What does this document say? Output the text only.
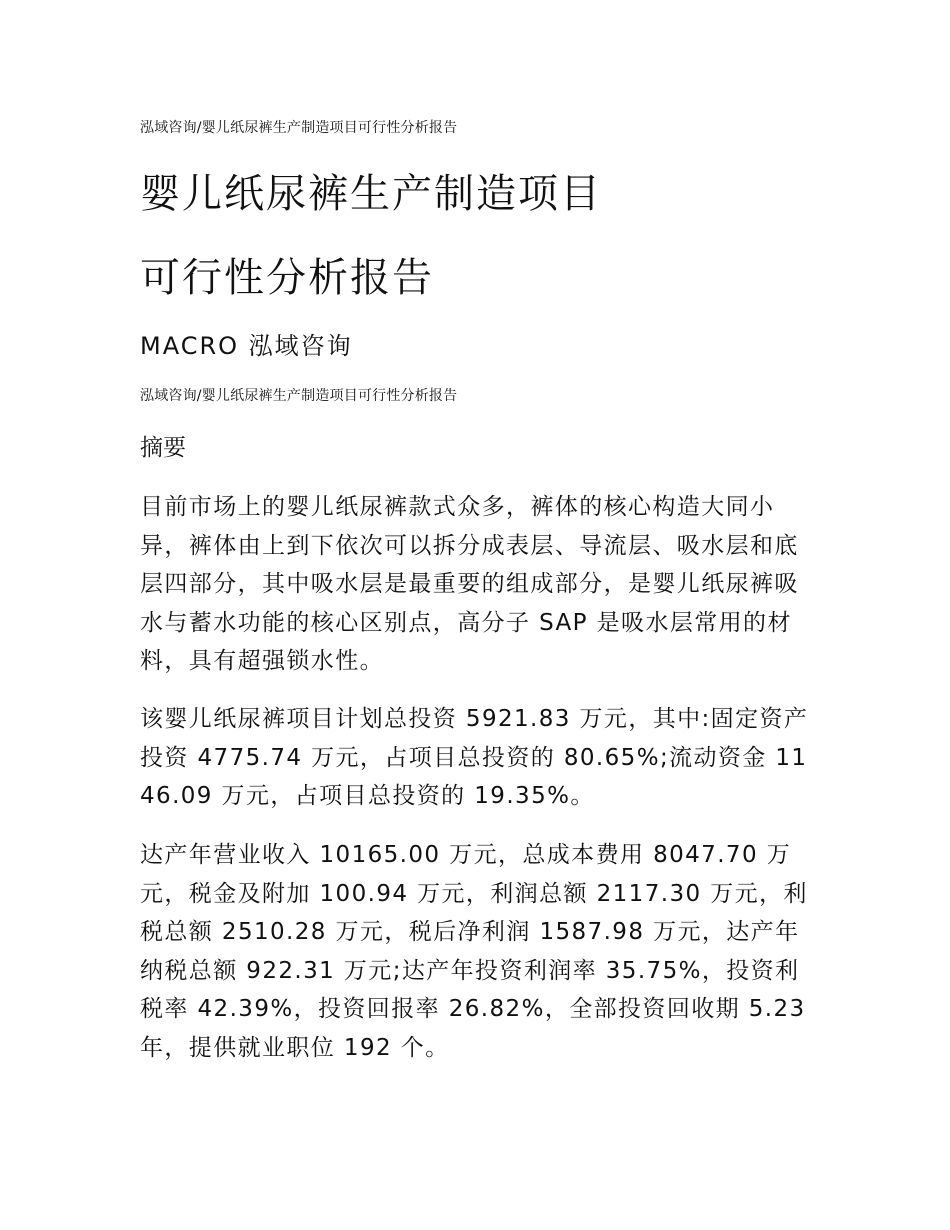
泓域咨询/婴儿纸尿裤生产制造项目可行性分析报告
婴儿纸尿裤生产制造项目
可行性分析报告
MACRO 泓域咨询
泓域咨询/婴儿纸尿裤生产制造项目可行性分析报告
摘要

目前市场上的婴儿纸尿裤款式众多，裤体的核心构造大同小异，裤体由上到下依次可以拆分成表层、导流层、吸水层和底层四部分，其中吸水层是最重要的组成部分，是婴儿纸尿裤吸水与蓄水功能的核心区别点，高分子 SAP 是吸水层常用的材料，具有超强锁水性。

该婴儿纸尿裤项目计划总投资 5921.83 万元，其中:固定资产投资 4775.74 万元，占项目总投资的 80.65%;流动资金 1146.09 万元，占项目总投资的 19.35%。

达产年营业收入 10165.00 万元，总成本费用 8047.70 万元，税金及附加 100.94 万元，利润总额 2117.30 万元，利税总额 2510.28 万元，税后净利润 1587.98 万元，达产年纳税总额 922.31 万元;达产年投资利润率 35.75%，投资利税率 42.39%，投资回报率 26.82%，全部投资回收期 5.23 年，提供就业职位 192 个。
